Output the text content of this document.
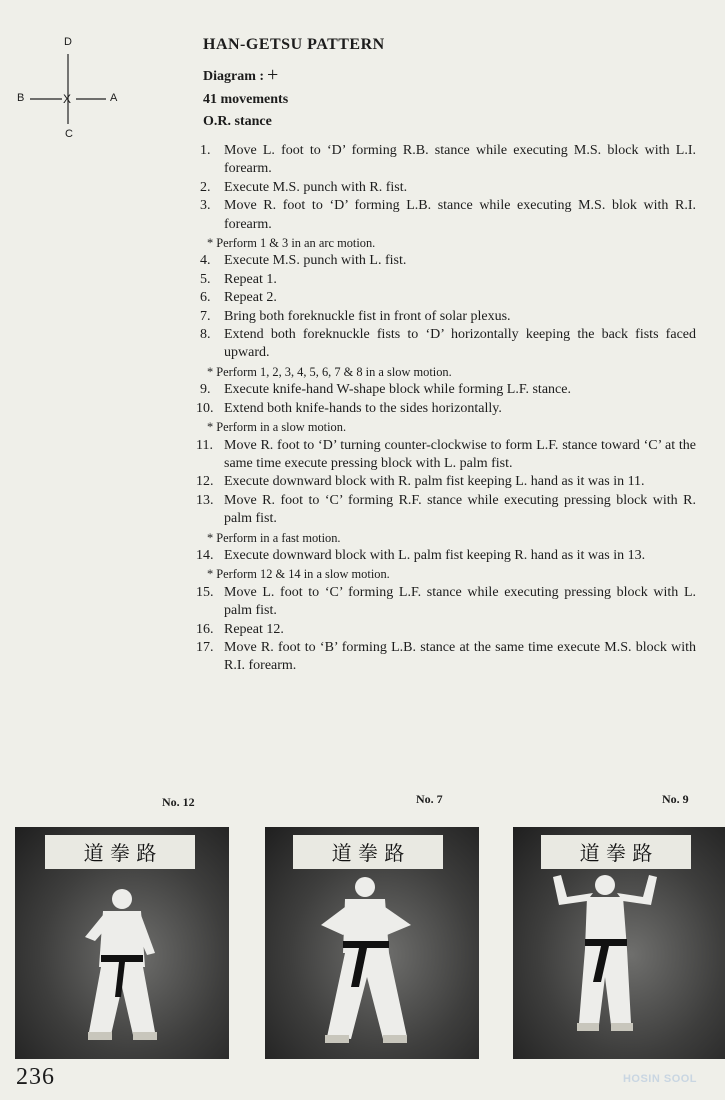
D
B	X	A
C
HAN-GETSU PATTERN
Diagram : +
41 movements
O.R. stance
1. Move L. foot to ‘D’ forming R.B. stance while executing M.S. block with L.I. forearm.
2. Execute M.S. punch with R. fist.
3. Move R. foot to ‘D’ forming L.B. stance while executing M.S. blok with R.I. forearm.
* Perform 1 & 3 in an arc motion.
4. Execute M.S. punch with L. fist.
5. Repeat 1.
6. Repeat 2.
7. Bring both foreknuckle fist in front of solar plexus.
8. Extend both foreknuckle fists to ‘D’ horizontally keeping the back fists faced upward.
* Perform 1, 2, 3, 4, 5, 6, 7 & 8 in a slow motion.
9. Execute knife-hand W-shape block while forming L.F. stance.
10. Extend both knife-hands to the sides horizontally.
* Perform in a slow motion.
11. Move R. foot to ‘D’ turning counter-clockwise to form L.F. stance toward ‘C’ at the same time execute pressing block with L. palm fist.
12. Execute downward block with R. palm fist keeping L. hand as it was in 11.
13. Move R. foot to ‘C’ forming R.F. stance while executing pressing block with R. palm fist.
* Perform in a fast motion.
14. Execute downward block with L. palm fist keeping R. hand as it was in 13.
* Perform 12 & 14 in a slow motion.
15. Move L. foot to ‘C’ forming L.F. stance while executing pressing block with L. palm fist.
16. Repeat 12.
17. Move R. foot to ‘B’ forming L.B. stance at the same time execute M.S. block with R.I. forearm.
No. 12	No. 7	No. 9
道 拳 路	道 拳 路	道 拳 路
236	HOSIN SOOL
